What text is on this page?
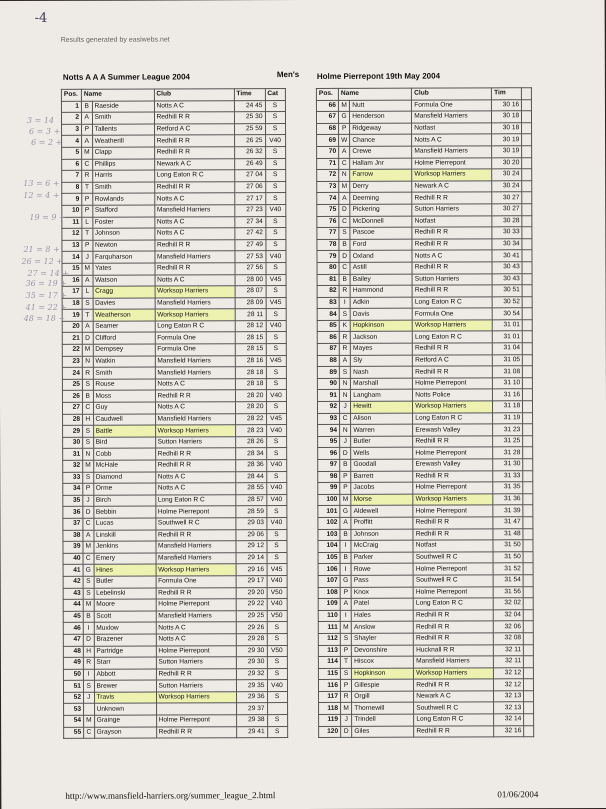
-4
Results generated by easiwebs.net
Notts A A A Summer League 2004	Men's Holme Pierrepont 19th May 2004
Pos.	Name		Club	Time	Cat
1	B	Raeside	Notts A C	24 45	S
2	A	Smith	Redhill R R	25 30	S
3	P	Tallents	Retford A C	25 59	S
4	A	Weatherill	Redhill R R	26 25	V40
5	M	Clapp	Redhill R R	26 32	S
6	C	Phillips	Newark A C	26 49	S
7	R	Harris	Long Eaton R C	27 04	S
8	T	Smith	Redhill R R	27 06	S
9	P	Rowlands	Notts A C	27 17	S
10	P	Stafford	Mansfield Harriers	27 23	V40
11	L	Foster	Notts A C	27 34	S
12	T	Johnson	Notts A C	27 42	S
13	P	Newton	Redhill R R	27 49	S
14	J	Farquharson	Mansfield Harriers	27 53	V40
15	M	Yates	Redhill R R	27 56	S
16	A	Watson	Notts A C	28 00	V45
17	L	Cragg	Worksop Harriers	28 07	S
18	S	Davies	Mansfield Harriers	28 09	V45
19	T	Weatherson	Worksop Harriers	28 11	S
20	A	Seamer	Long Eaton R C	28 12	V40
21	D	Clifford	Formula One	28 15	S
22	M	Dempsey	Formula One	28 15	S
23	N	Watkin	Mansfield Harriers	28 16	V45
24	R	Smith	Mansfield Harriers	28 18	S
25	S	Rouse	Notts A C	28 18	S
26	B	Moss	Redhill R R	28 20	V40
27	C	Guy	Notts A C	28 20	S
28	H	Caudwell	Mansfield Harriers	28 22	V45
29	S	Battle	Worksop Harriers	28 23	V40
30	S	Bird	Sutton Harriers	28 26	S
31	N	Cobb	Redhill R R	28 34	S
32	M	McHale	Redhill R R	28 36	V40
33	S	Diamond	Notts A C	28 44	S
34	P	Orme	Notts A C	28 55	V40
35	J	Birch	Long Eaton R C	28 57	V40
36	D	Bebbin	Holme Pierrepont	28 59	S
37	C	Lucas	Southwell R C	29 03	V40
38	A	Linskill	Redhill R R	29 06	S
39	M	Jenkins	Mansfield Harriers	29 12	S
40	C	Emery	Mansfield Harriers	29 14	S
41	G	Hines	Worksop Harriers	29 16	V45
42	S	Butler	Formula One	29 17	V40
43	S	Lebelinski	Redhill R R	29 20	V50
44	M	Moore	Holme Pierrepont	29 22	V40
45	B	Scott	Mansfield Harriers	29 25	V50
46	I	Muxlow	Notts A C	29 26	S
47	D	Brazener	Notts A C	29 28	S
48	H	Partridge	Holme Pierrepont	29 30	V50
49	R	Starr	Sutton Harriers	29 30	S
50	I	Abbott	Redhill R R	29 32	S
51	S	Brewer	Sutton Harriers	29 35	V40
52	J	Travis	Worksop Harriers	29 36	S
53		Unknown		29 37	
54	M	Grainge	Holme Pierrepont	29 38	S
55	C	Grayson	Redhill R R	29 41	S
Pos.	Name		Club	Tim	
66	M	Nutt	Formula One	30 16	
67	G	Henderson	Mansfield Harriers	30 18	
68	P	Ridgeway	Notfast	30 18	
69	W	Chance	Notts A C	30 19	
70	A	Crewe	Mansfield Harriers	30 19	
71	C	Hallam Jnr	Holme Pierrepont	30 20	
72	N	Farrow	Worksop Harriers	30 24	
73	M	Derry	Newark A C	30 24	
74	A	Deeming	Redhill R R	30 27	
75	D	Pickering	Sutton Harriers	30 27	
76	C	McDonnell	Notfast	30 28	
77	S	Pascoe	Redhill R R	30 33	
78	B	Ford	Redhill R R	30 34	
79	D	Oxland	Notts A C	30 41	
80	C	Astill	Redhill R R	30 43	
81	B	Bailey	Sutton Harriers	30 43	
82	R	Hammond	Redhill R R	30 51	
83	I	Adkin	Long Eaton R C	30 52	
84	S	Davis	Formula One	30 54	
85	K	Hopkinson	Worksop Harriers	31 01	
86	R	Jackson	Long Eaton R C	31 01	
87	R	Mayes	Redhill R R	31 04	
88	A	Sly	Retford A C	31 05	
89	S	Nash	Redhill R R	31 08	
90	N	Marshall	Holme Pierrepont	31 10	
91	N	Langham	Notts Police	31 16	
92	J	Hewitt	Worksop Harriers	31 18	
93	C	Alison	Long Eaton R C	31 19	
94	N	Warren	Erewash Valley	31 23	
95	J	Butler	Redhill R R	31 25	
96	D	Wells	Holme Pierrepont	31 28	
97	B	Goodall	Erewash Valley	31 30	
98	P	Barrett	Redhill R R	31 33	
99	P	Jacobs	Holme Pierrepont	31 35	
100	M	Morse	Worksop Harriers	31 36	
101	G	Aldewell	Holme Pierrepont	31 39	
102	A	Proffitt	Redhill R R	31 47	
103	B	Johnson	Redhill R R	31 48	
104	I	McCraig	Notfast	31 50	
105	B	Parker	Southwell R C	31 50	
106	I	Rowe	Holme Pierrepont	31 52	
107	G	Pass	Southwell R C	31 54	
108	P	Knox	Holme Pierrepont	31 56	
109	A	Patel	Long Eaton R C	32 02	
110	I	Hales	Redhill R R	32 04	
111	M	Anslow	Redhill R R	32 06	
112	S	Shayler	Redhill R R	32 08	
113	P	Devonshire	Hucknall R R	32 11	
114	T	Hiscox	Mansfield Harriers	32 11	
115	S	Hopkinson	Worksop Harriers	32 12	
116	P	Gillespie	Redhill R R	32 12	
117	R	Orgill	Newark A C	32 13	
118	M	Thornewill	Southwell R C	32 13	
119	J	Trindell	Long Eaton R C	32 14	
120	D	Giles	Redhill R R	32 16	
3 = 14
6 = 3 +
6 = 2 +
13 = 6 +
12 = 4 +
19 = 9 +
21 = 8 +
26 = 12 +
27 = 14 +
36 = 19 +
35 = 17 +
41 = 22 +
48 = 18 +
http://www.mansfield-harriers.org/summer_league_2.html	01/06/2004
